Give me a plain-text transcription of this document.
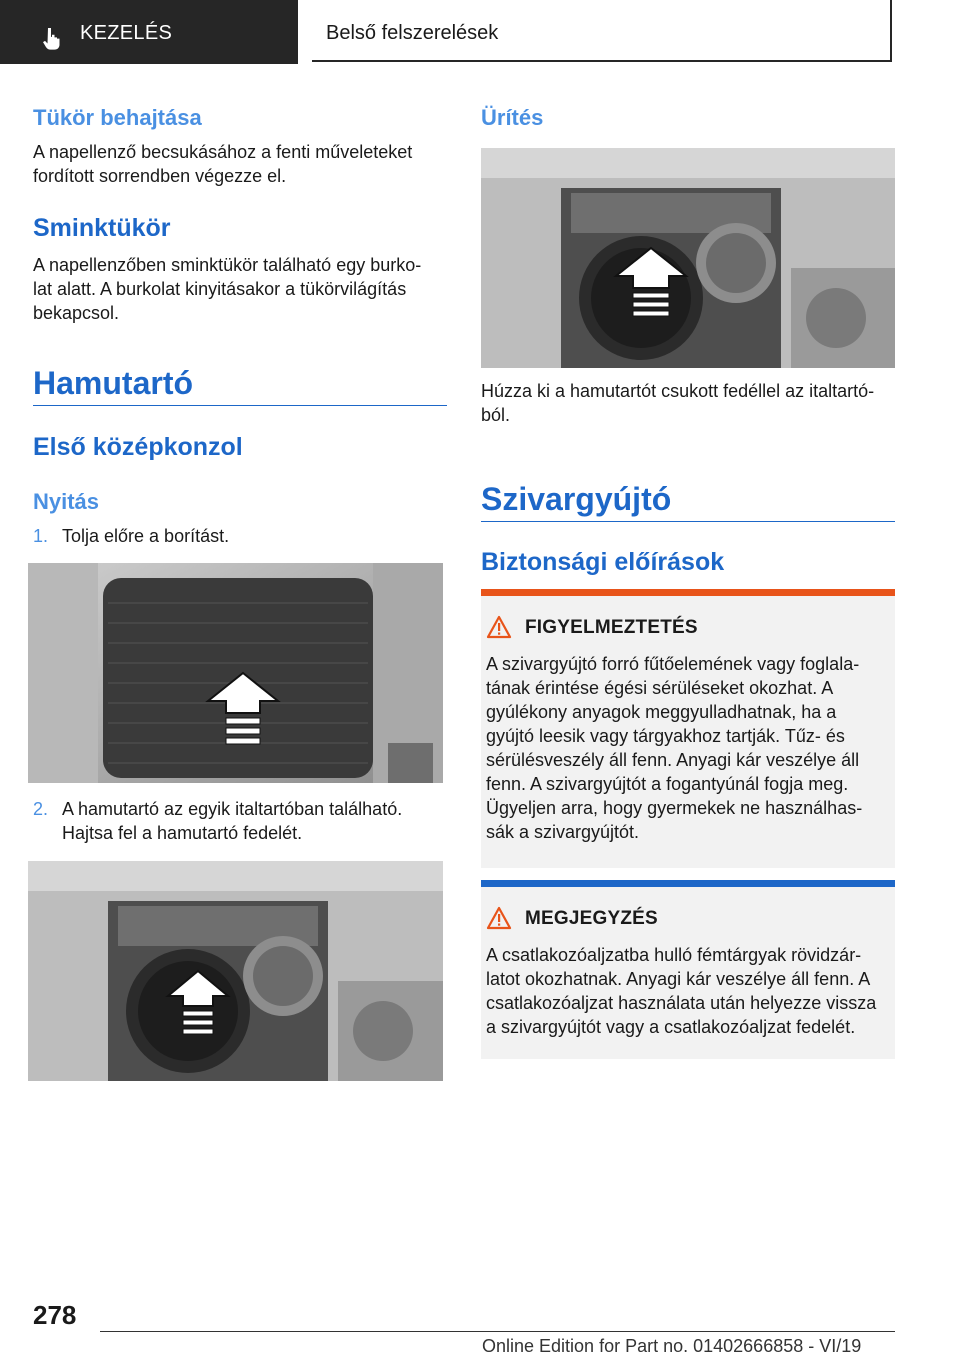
KEZELÉS	Belső felszerelések
Tükör behajtása
A napellenző becsukásához a fenti műveleteket
fordított sorrendben végezze el.
Sminktükör
A napellenzőben sminktükör található egy burko-
lat alatt. A burkolat kinyitásakor a tükörvilágítás
bekapcsol.
Hamutartó
Első középkonzol
Nyitás
1. Tolja előre a borítást.
2. A hamutartó az egyik italtartóban található.
Hajtsa fel a hamutartó fedelét.
Ürítés
Húzza ki a hamutartót csukott fedéllel az italtartó-
ból.
Szivargyújtó
Biztonsági előírások
FIGYELMEZTETÉS
A szivargyújtó forró fűtőelemének vagy foglala-
tának érintése égési sérüléseket okozhat. A
gyúlékony anyagok meggyulladhatnak, ha a
gyújtó leesik vagy tárgyakhoz tartják. Tűz- és
sérülésveszély áll fenn. Anyagi kár veszélye áll
fenn. A szivargyújtót a fogantyúnál fogja meg.
Ügyeljen arra, hogy gyermekek ne használhas-
sák a szivargyújtót.
MEGJEGYZÉS
A csatlakozóaljzatba hulló fémtárgyak rövidzár-
latot okozhatnak. Anyagi kár veszélye áll fenn. A
csatlakozóaljzat használata után helyezze vissza
a szivargyújtót vagy a csatlakozóaljzat fedelét.
278
Online Edition for Part no. 01402666858 - VI/19
